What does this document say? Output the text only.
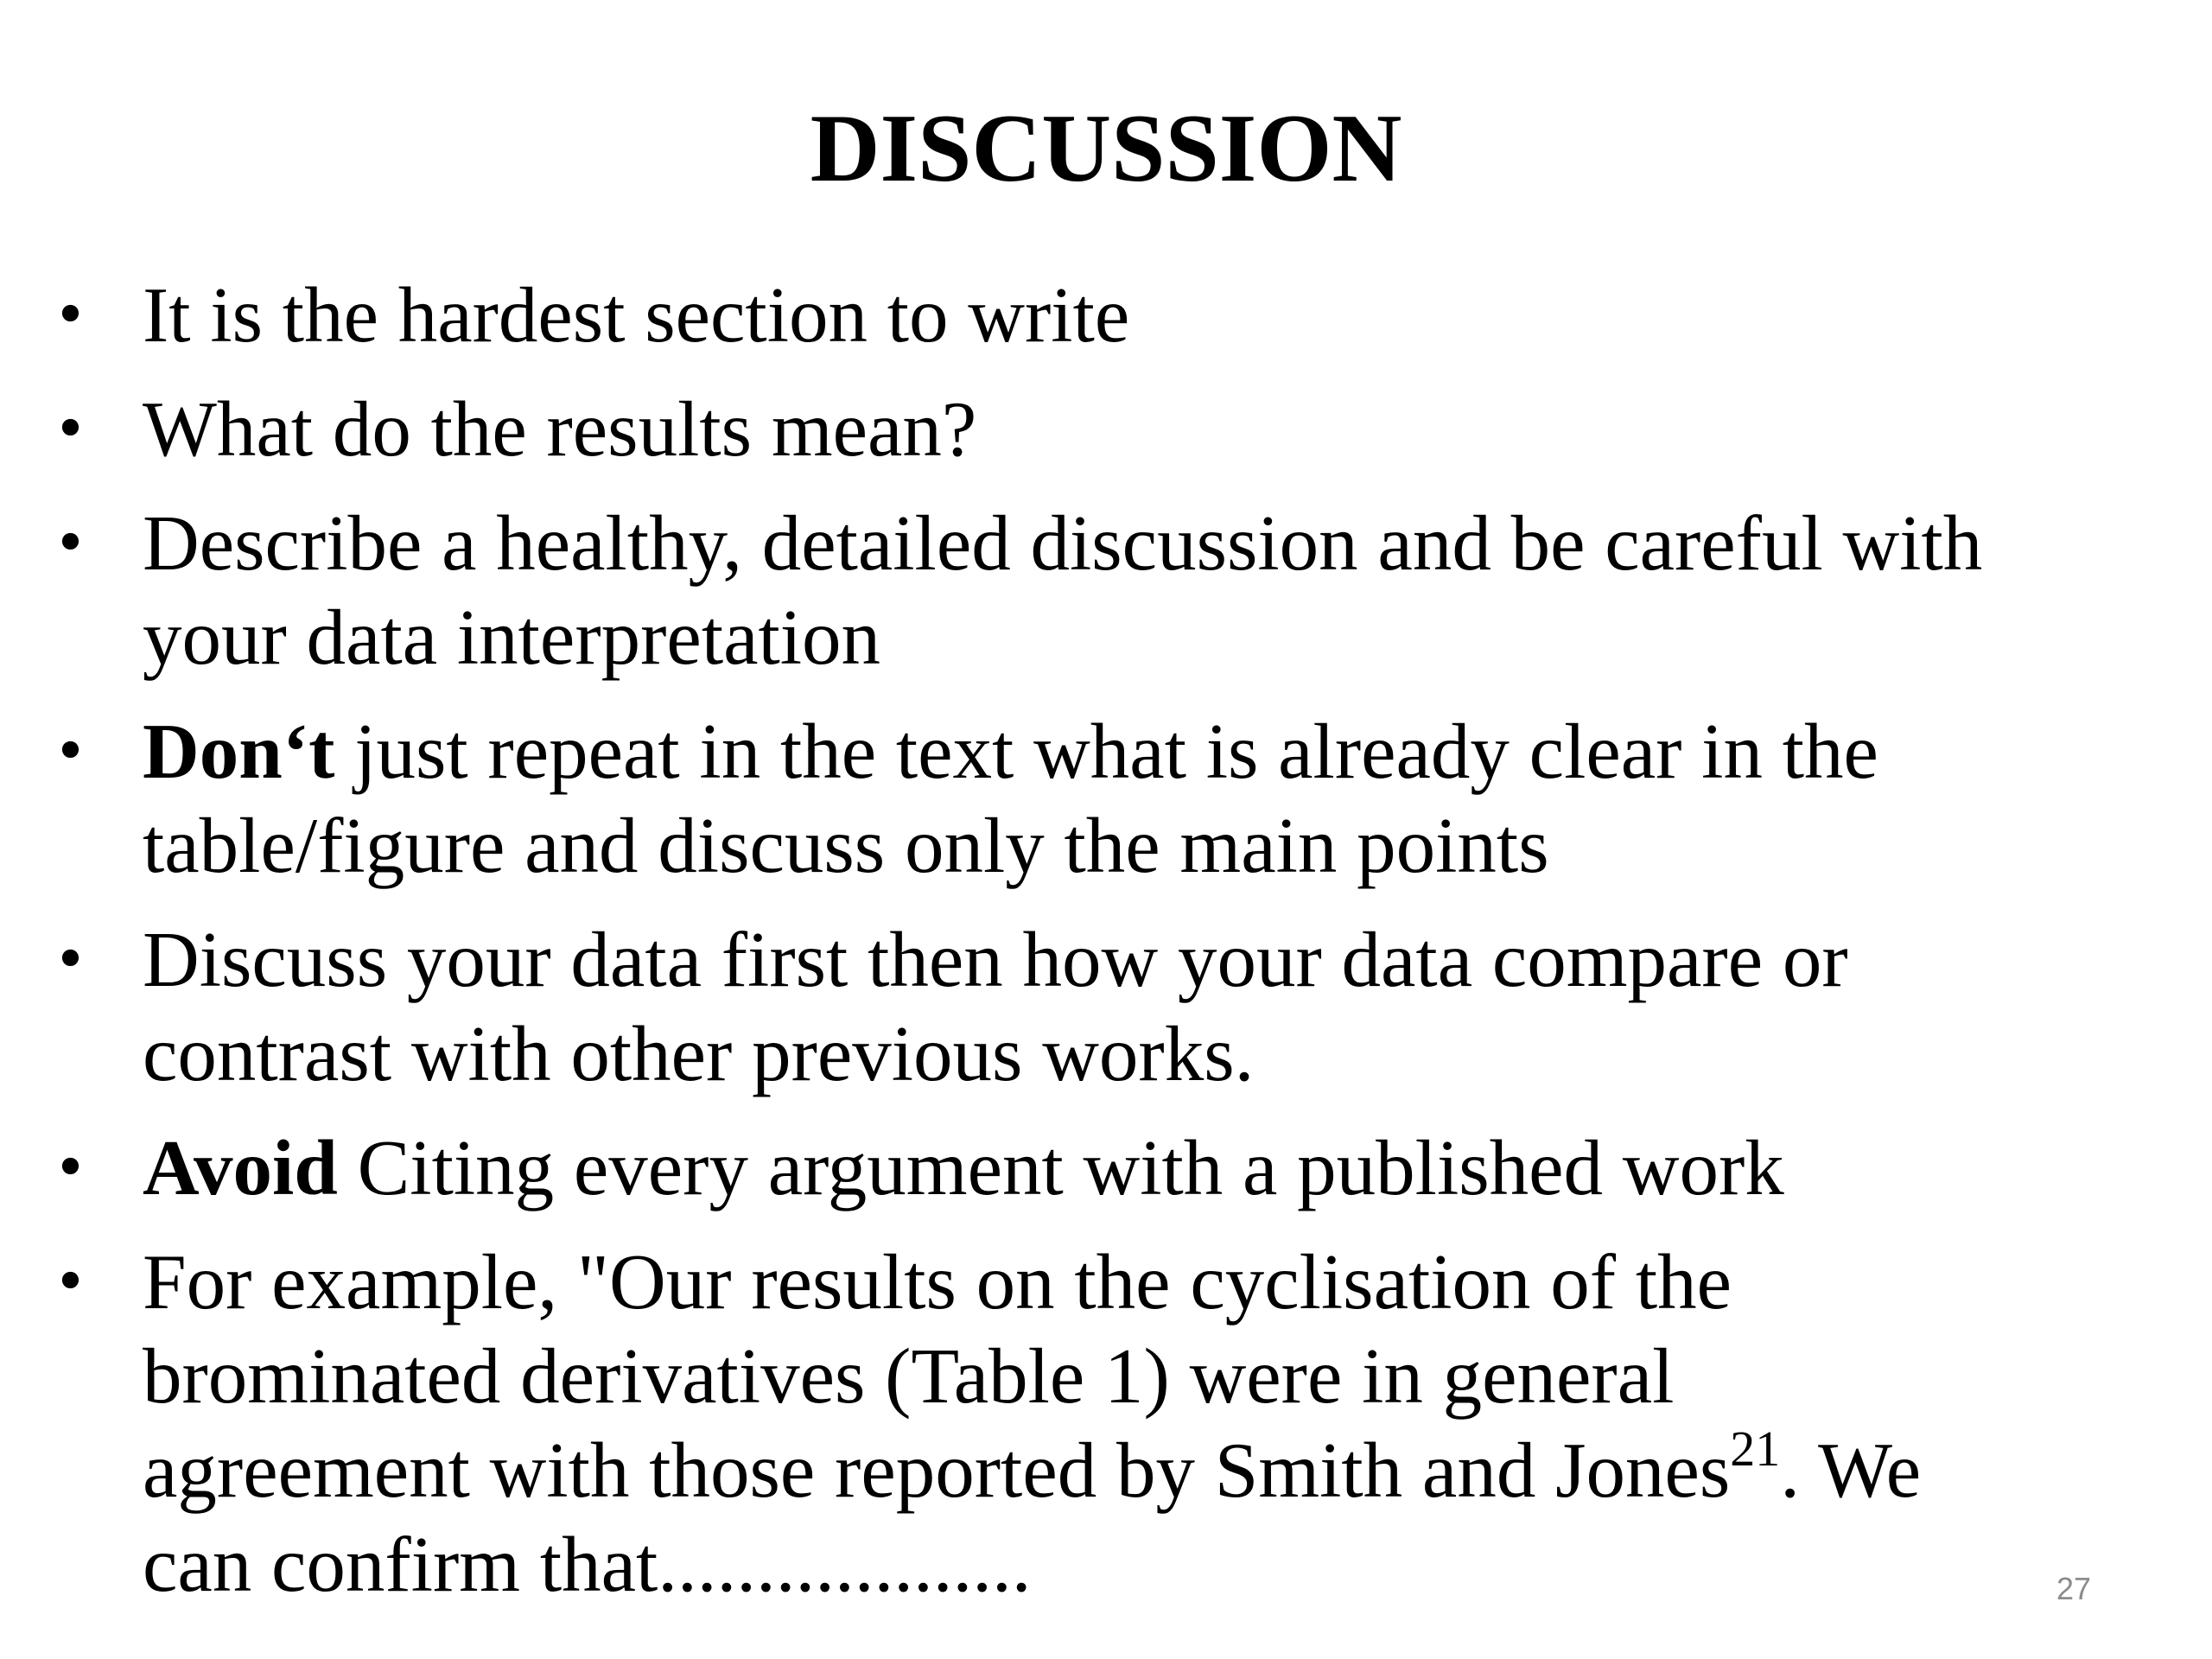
DISCUSSION
• It is the hardest section to write
• What do the results mean?
• Describe a healthy, detailed discussion and be careful with
your data interpretation
• Don‘t just repeat in the text what is already clear in the
table/figure and discuss only the main points
• Discuss your data first then how your data compare or
contrast with other previous works.
• Avoid Citing every argument with a published work
• For example, "Our results on the cyclisation of the
brominated derivatives (Table 1) were in general
agreement with those reported by Smith and Jones$^{21}$. We
can confirm that...................	27
